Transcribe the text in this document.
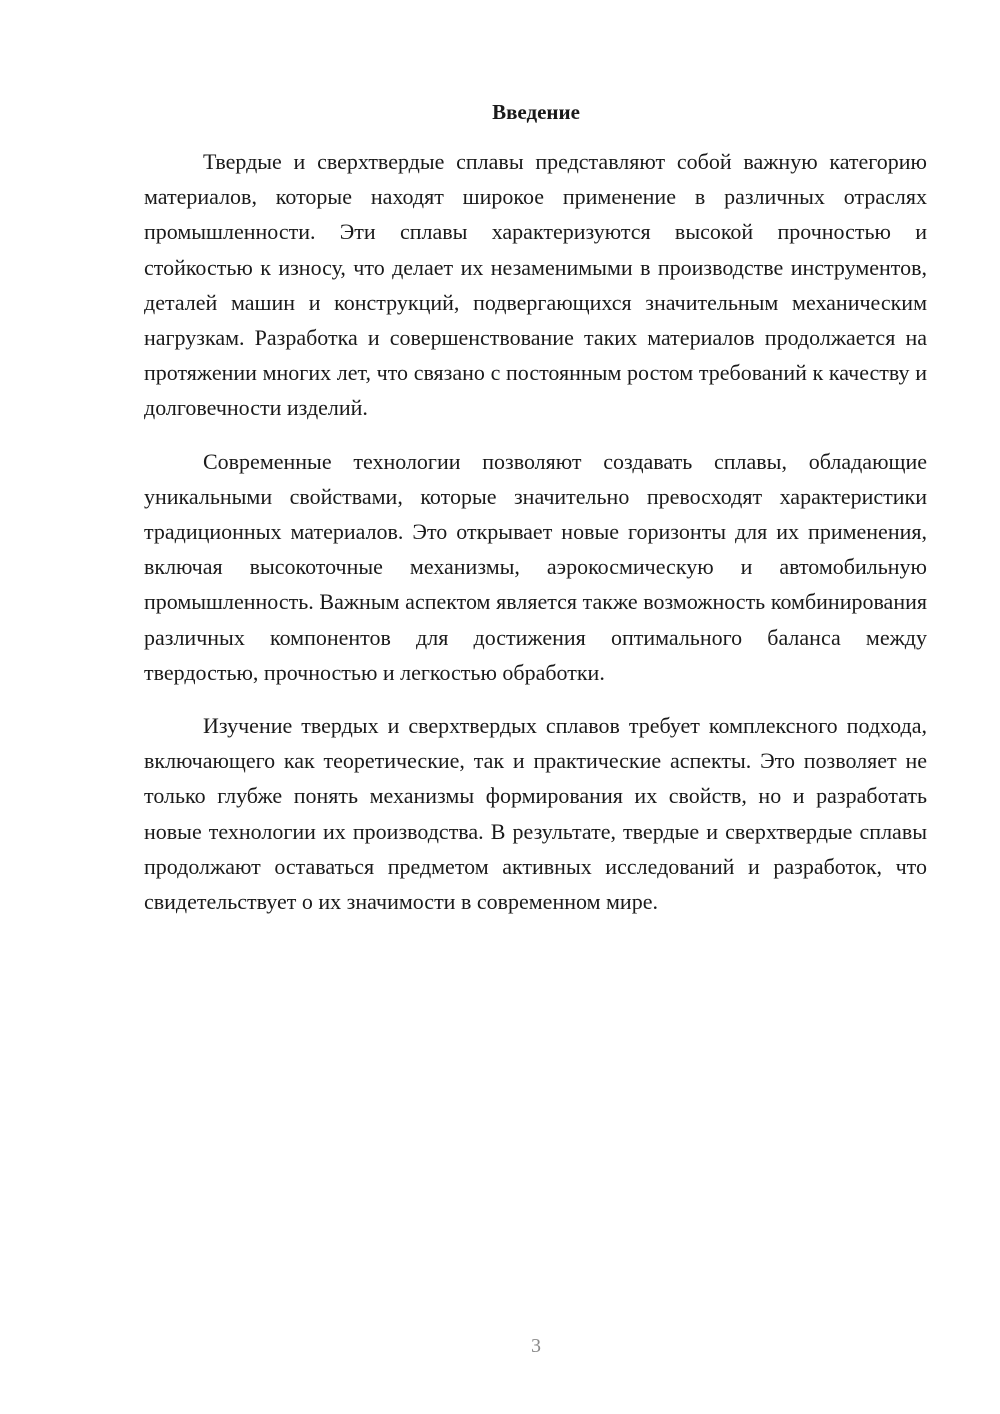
Введение

Твердые и сверхтвердые сплавы представляют собой важную категорию материалов, которые находят широкое применение в различных отраслях промышленности. Эти сплавы характеризуются высокой прочностью и стойкостью к износу, что делает их незаменимыми в производстве инструментов, деталей машин и конструкций, подвергающихся значительным механическим нагрузкам. Разработка и совершенствование таких материалов продолжается на протяжении многих лет, что связано с постоянным ростом требований к качеству и долговечности изделий.

Современные технологии позволяют создавать сплавы, обладающие уникальными свойствами, которые значительно превосходят характеристики традиционных материалов. Это открывает новые горизонты для их применения, включая высокоточные механизмы, аэрокосмическую и автомобильную промышленность. Важным аспектом является также возможность комбинирования различных компонентов для достижения оптимального баланса между твердостью, прочностью и легкостью обработки.

Изучение твердых и сверхтвердых сплавов требует комплексного подхода, включающего как теоретические, так и практические аспекты. Это позволяет не только глубже понять механизмы формирования их свойств, но и разработать новые технологии их производства. В результате, твердые и сверхтвердые сплавы продолжают оставаться предметом активных исследований и разработок, что свидетельствует о их значимости в современном мире.

3
